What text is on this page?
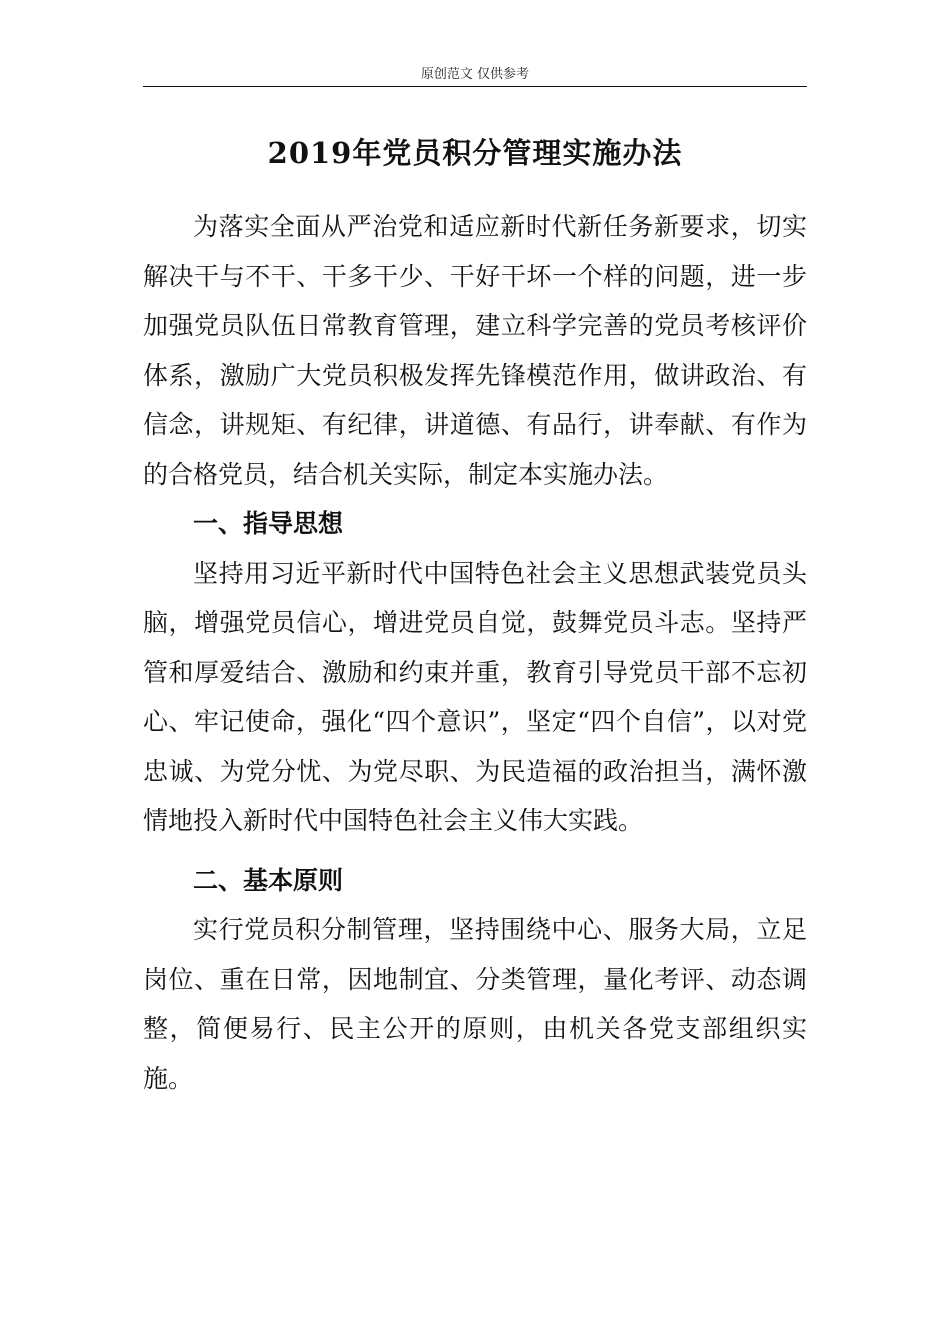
原创范文 仅供参考
2019年党员积分管理实施办法

为落实全面从严治党和适应新时代新任务新要求，切实解决干与不干、干多干少、干好干坏一个样的问题，进一步加强党员队伍日常教育管理，建立科学完善的党员考核评价体系，激励广大党员积极发挥先锋模范作用，做讲政治、有信念，讲规矩、有纪律，讲道德、有品行，讲奉献、有作为的合格党员，结合机关实际，制定本实施办法。

一、指导思想

坚持用习近平新时代中国特色社会主义思想武装党员头脑，增强党员信心，增进党员自觉，鼓舞党员斗志。坚持严管和厚爱结合、激励和约束并重，教育引导党员干部不忘初心、牢记使命，强化“四个意识”，坚定“四个自信”，以对党忠诚、为党分忧、为党尽职、为民造福的政治担当，满怀激情地投入新时代中国特色社会主义伟大实践。

二、基本原则

实行党员积分制管理，坚持围绕中心、服务大局，立足岗位、重在日常，因地制宜、分类管理，量化考评、动态调整，简便易行、民主公开的原则，由机关各党支部组织实施。
